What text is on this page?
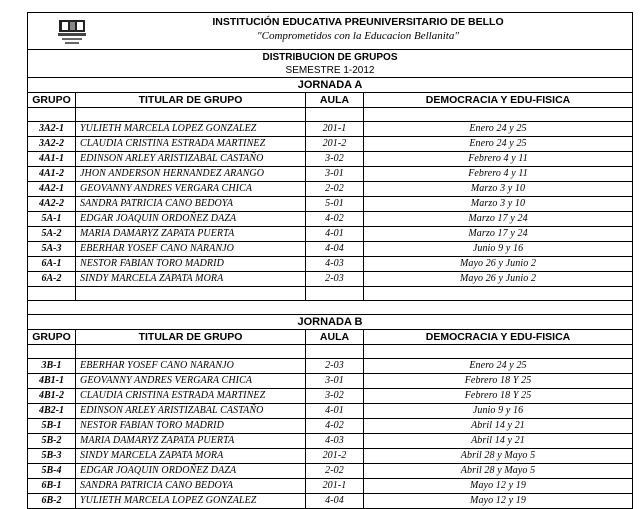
INSTITUCIÓN EDUCATIVA PREUNIVERSITARIO DE BELLO
"Comprometidos con la Educacion Bellanita"
DISTRIBUCION DE GRUPOS
SEMESTRE 1-2012
JORNADA A
GRUPO	TITULAR DE GRUPO	AULA	DEMOCRACIA Y EDU-FISICA
3A2-1	YULIETH MARCELA LOPEZ GONZALEZ	201-1	Enero 24 y 25
3A2-2	CLAUDIA CRISTINA ESTRADA MARTINEZ	201-2	Enero 24 y 25
4A1-1	EDINSON ARLEY ARISTIZABAL CASTAÑO	3-02	Febrero 4 y 11
4A1-2	JHON ANDERSON HERNANDEZ ARANGO	3-01	Febrero 4 y 11
4A2-1	GEOVANNY ANDRES VERGARA CHICA	2-02	Marzo 3 y 10
4A2-2	SANDRA PATRICIA CANO BEDOYA	5-01	Marzo 3 y 10
5A-1	EDGAR JOAQUIN ORDOÑEZ DAZA	4-02	Marzo 17 y 24
5A-2	MARIA DAMARYZ ZAPATA PUERTA	4-01	Marzo 17 y 24
5A-3	EBERHAR YOSEF CANO NARANJO	4-04	Junio 9 y 16
6A-1	NESTOR FABIAN TORO MADRID	4-03	Mayo 26 y Junio 2
6A-2	SINDY MARCELA ZAPATA MORA	2-03	Mayo 26 y Junio 2
JORNADA B
GRUPO	TITULAR DE GRUPO	AULA	DEMOCRACIA Y EDU-FISICA
3B-1	EBERHAR YOSEF CANO NARANJO	2-03	Enero 24 y 25
4B1-1	GEOVANNY ANDRES VERGARA CHICA	3-01	Febrero 18 Y 25
4B1-2	CLAUDIA CRISTINA ESTRADA MARTINEZ	3-02	Febrero 18 Y 25
4B2-1	EDINSON ARLEY ARISTIZABAL CASTAÑO	4-01	Junio 9 y 16
5B-1	NESTOR FABIAN TORO MADRID	4-02	Abril 14 y 21
5B-2	MARIA DAMARYZ ZAPATA PUERTA	4-03	Abril 14 y 21
5B-3	SINDY MARCELA ZAPATA MORA	201-2	Abril 28 y Mayo 5
5B-4	EDGAR JOAQUIN ORDOÑEZ DAZA	2-02	Abril 28 y Mayo 5
6B-1	SANDRA PATRICIA CANO BEDOYA	201-1	Mayo 12 y 19
6B-2	YULIETH MARCELA LOPEZ GONZALEZ	4-04	Mayo 12 y 19
